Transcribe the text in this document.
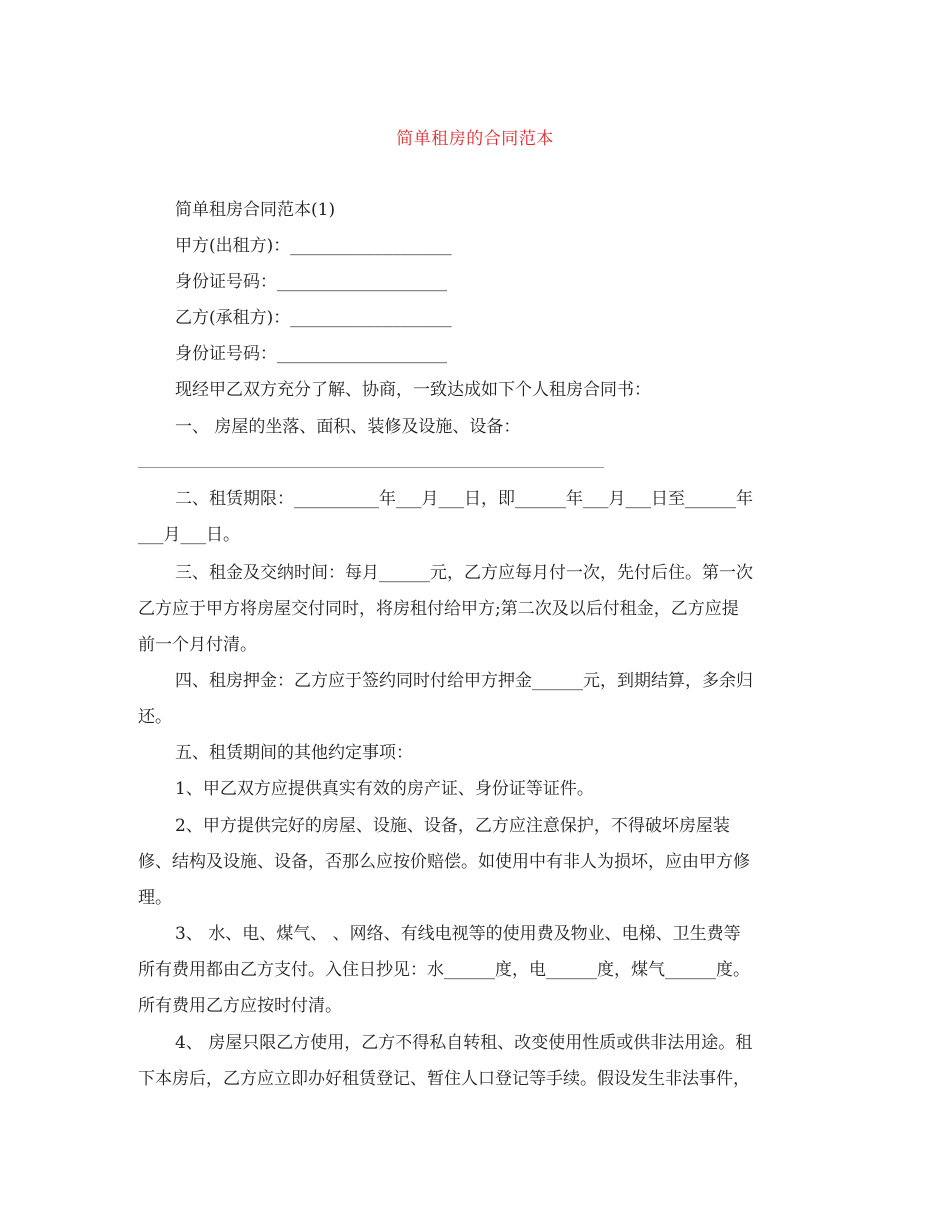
简单租房的合同范本
简单租房合同范本(1)
甲方(出租方)：___________________
身份证号码：____________________
乙方(承租方)：___________________
身份证号码：____________________
现经甲乙双方充分了解、协商，一致达成如下个人租房合同书：
一、 房屋的坐落、面积、装修及设施、设备：
二、租赁期限：__________年___月___日，即______年___月___日至______年
___月___日。
三、租金及交纳时间：每月______元，乙方应每月付一次，先付后住。第一次
乙方应于甲方将房屋交付同时，将房租付给甲方;第二次及以后付租金，乙方应提
前一个月付清。
四、租房押金：乙方应于签约同时付给甲方押金______元，到期结算，多余归
还。
五、租赁期间的其他约定事项：
1、甲乙双方应提供真实有效的房产证、身份证等证件。
2、甲方提供完好的房屋、设施、设备，乙方应注意保护，不得破坏房屋装
修、结构及设施、设备，否那么应按价赔偿。如使用中有非人为损坏，应由甲方修
理。
3、 水、电、煤气、 、网络、有线电视等的使用费及物业、电梯、卫生费等
所有费用都由乙方支付。入住日抄见：水______度，电______度，煤气______度。
所有费用乙方应按时付清。
4、 房屋只限乙方使用，乙方不得私自转租、改变使用性质或供非法用途。租
下本房后，乙方应立即办好租赁登记、暂住人口登记等手续。假设发生非法事件，
